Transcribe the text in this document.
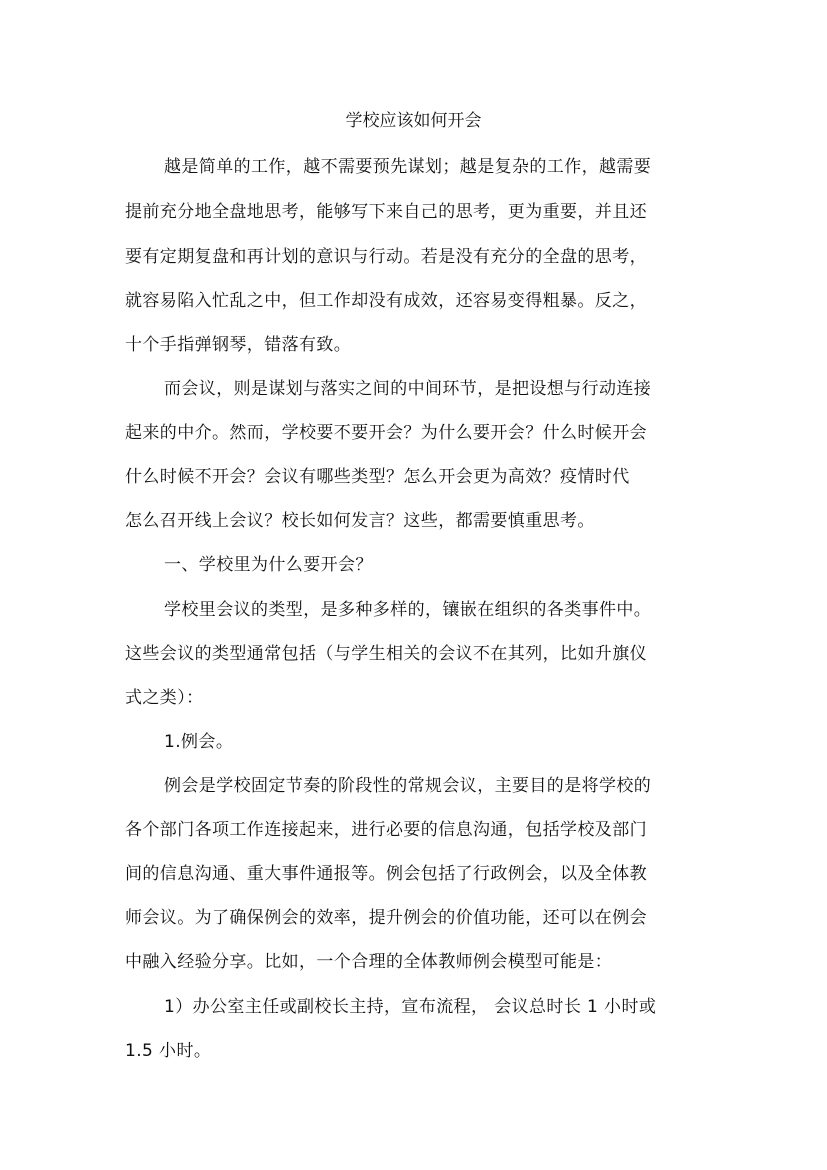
学校应该如何开会
越是简单的工作，越不需要预先谋划；越是复杂的工作，越需要
提前充分地全盘地思考，能够写下来自己的思考，更为重要，并且还
要有定期复盘和再计划的意识与行动。若是没有充分的全盘的思考，
就容易陷入忙乱之中，但工作却没有成效，还容易变得粗暴。反之，
十个手指弹钢琴，错落有致。
而会议，则是谋划与落实之间的中间环节，是把设想与行动连接
起来的中介。然而，学校要不要开会？为什么要开会？什么时候开会
什么时候不开会？会议有哪些类型？怎么开会更为高效？疫情时代
怎么召开线上会议？校长如何发言？这些，都需要慎重思考。
一、学校里为什么要开会？
学校里会议的类型，是多种多样的，镶嵌在组织的各类事件中。
这些会议的类型通常包括（与学生相关的会议不在其列，比如升旗仪
式之类）：
1.例会。
例会是学校固定节奏的阶段性的常规会议，主要目的是将学校的
各个部门各项工作连接起来，进行必要的信息沟通，包括学校及部门
间的信息沟通、重大事件通报等。例会包括了行政例会，以及全体教
师会议。为了确保例会的效率，提升例会的价值功能，还可以在例会
中融入经验分享。比如，一个合理的全体教师例会模型可能是：
1）办公室主任或副校长主持，宣布流程， 会议总时长 1 小时或
1.5 小时。
